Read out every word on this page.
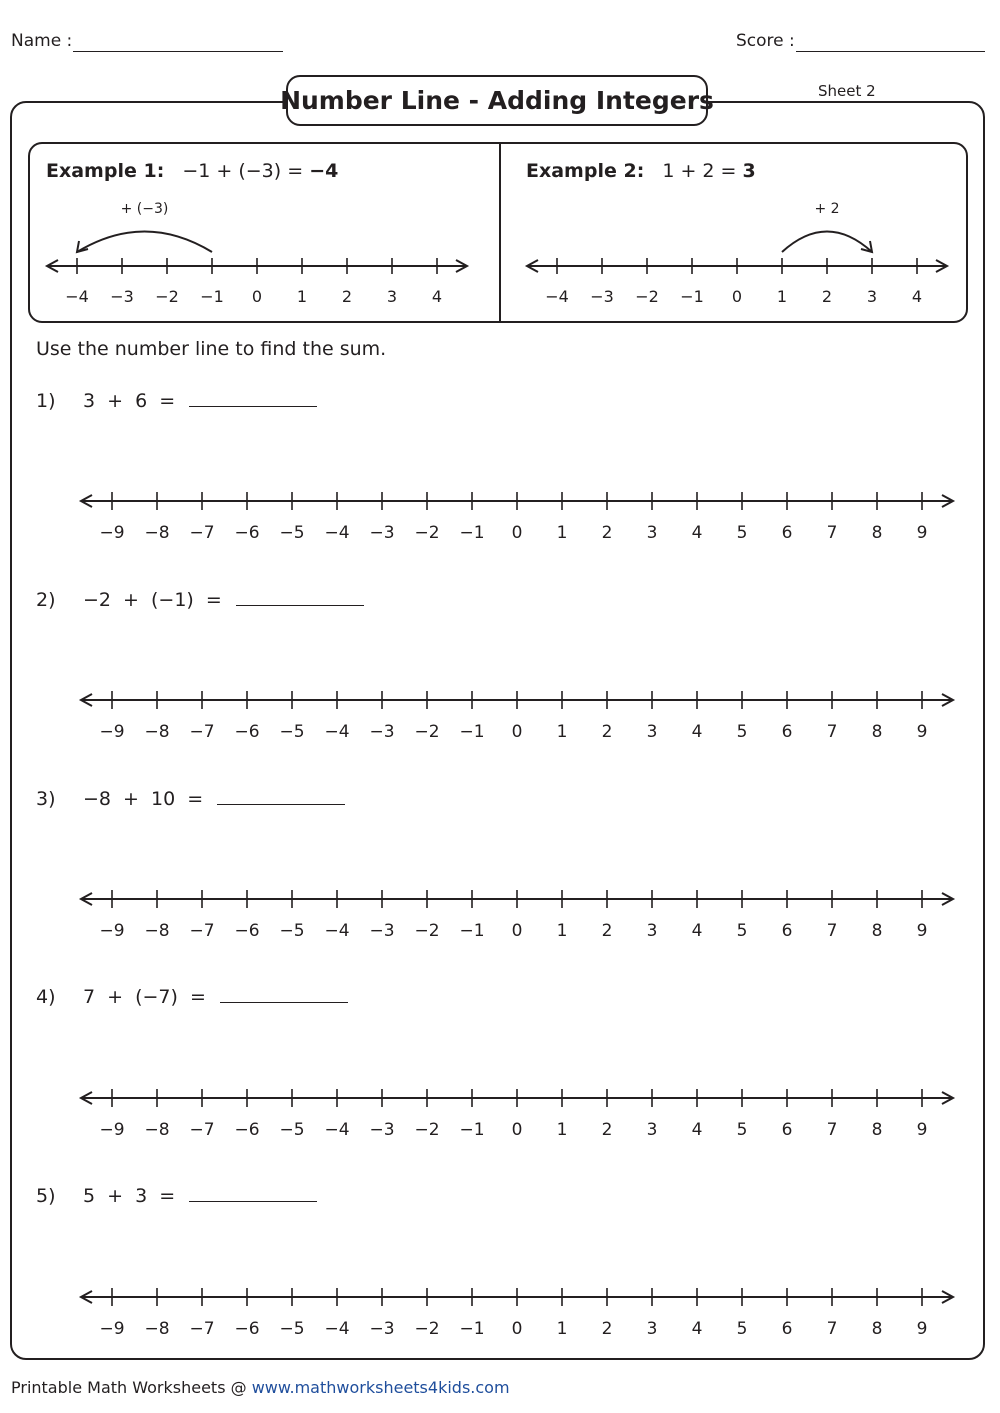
Name :	Score :
Number Line - Adding Integers	Sheet 2
Example 1: −1 + (−3) = −4	Example 2: 1 + 2 = 3
−4 −3 −2 −1 0 1 2 3 4
+ (−3)
−4 −3 −2 −1 0 1 2 3 4
+ 2
−9 −8 −7 −6 −5 −4 −3 −2 −1 0 1 2 3 4 5 6 7 8 9
−9 −8 −7 −6 −5 −4 −3 −2 −1 0 1 2 3 4 5 6 7 8 9
−9 −8 −7 −6 −5 −4 −3 −2 −1 0 1 2 3 4 5 6 7 8 9
−9 −8 −7 −6 −5 −4 −3 −2 −1 0 1 2 3 4 5 6 7 8 9
−9 −8 −7 −6 −5 −4 −3 −2 −1 0 1 2 3 4 5 6 7 8 9
Use the number line to find the sum.
1)	3 + 6 =
2)	−2 + (−1) =
3)	−8 + 10 =
4)	7 + (−7) =
5)	5 + 3 =
Printable Math Worksheets @ www.mathworksheets4kids.com
